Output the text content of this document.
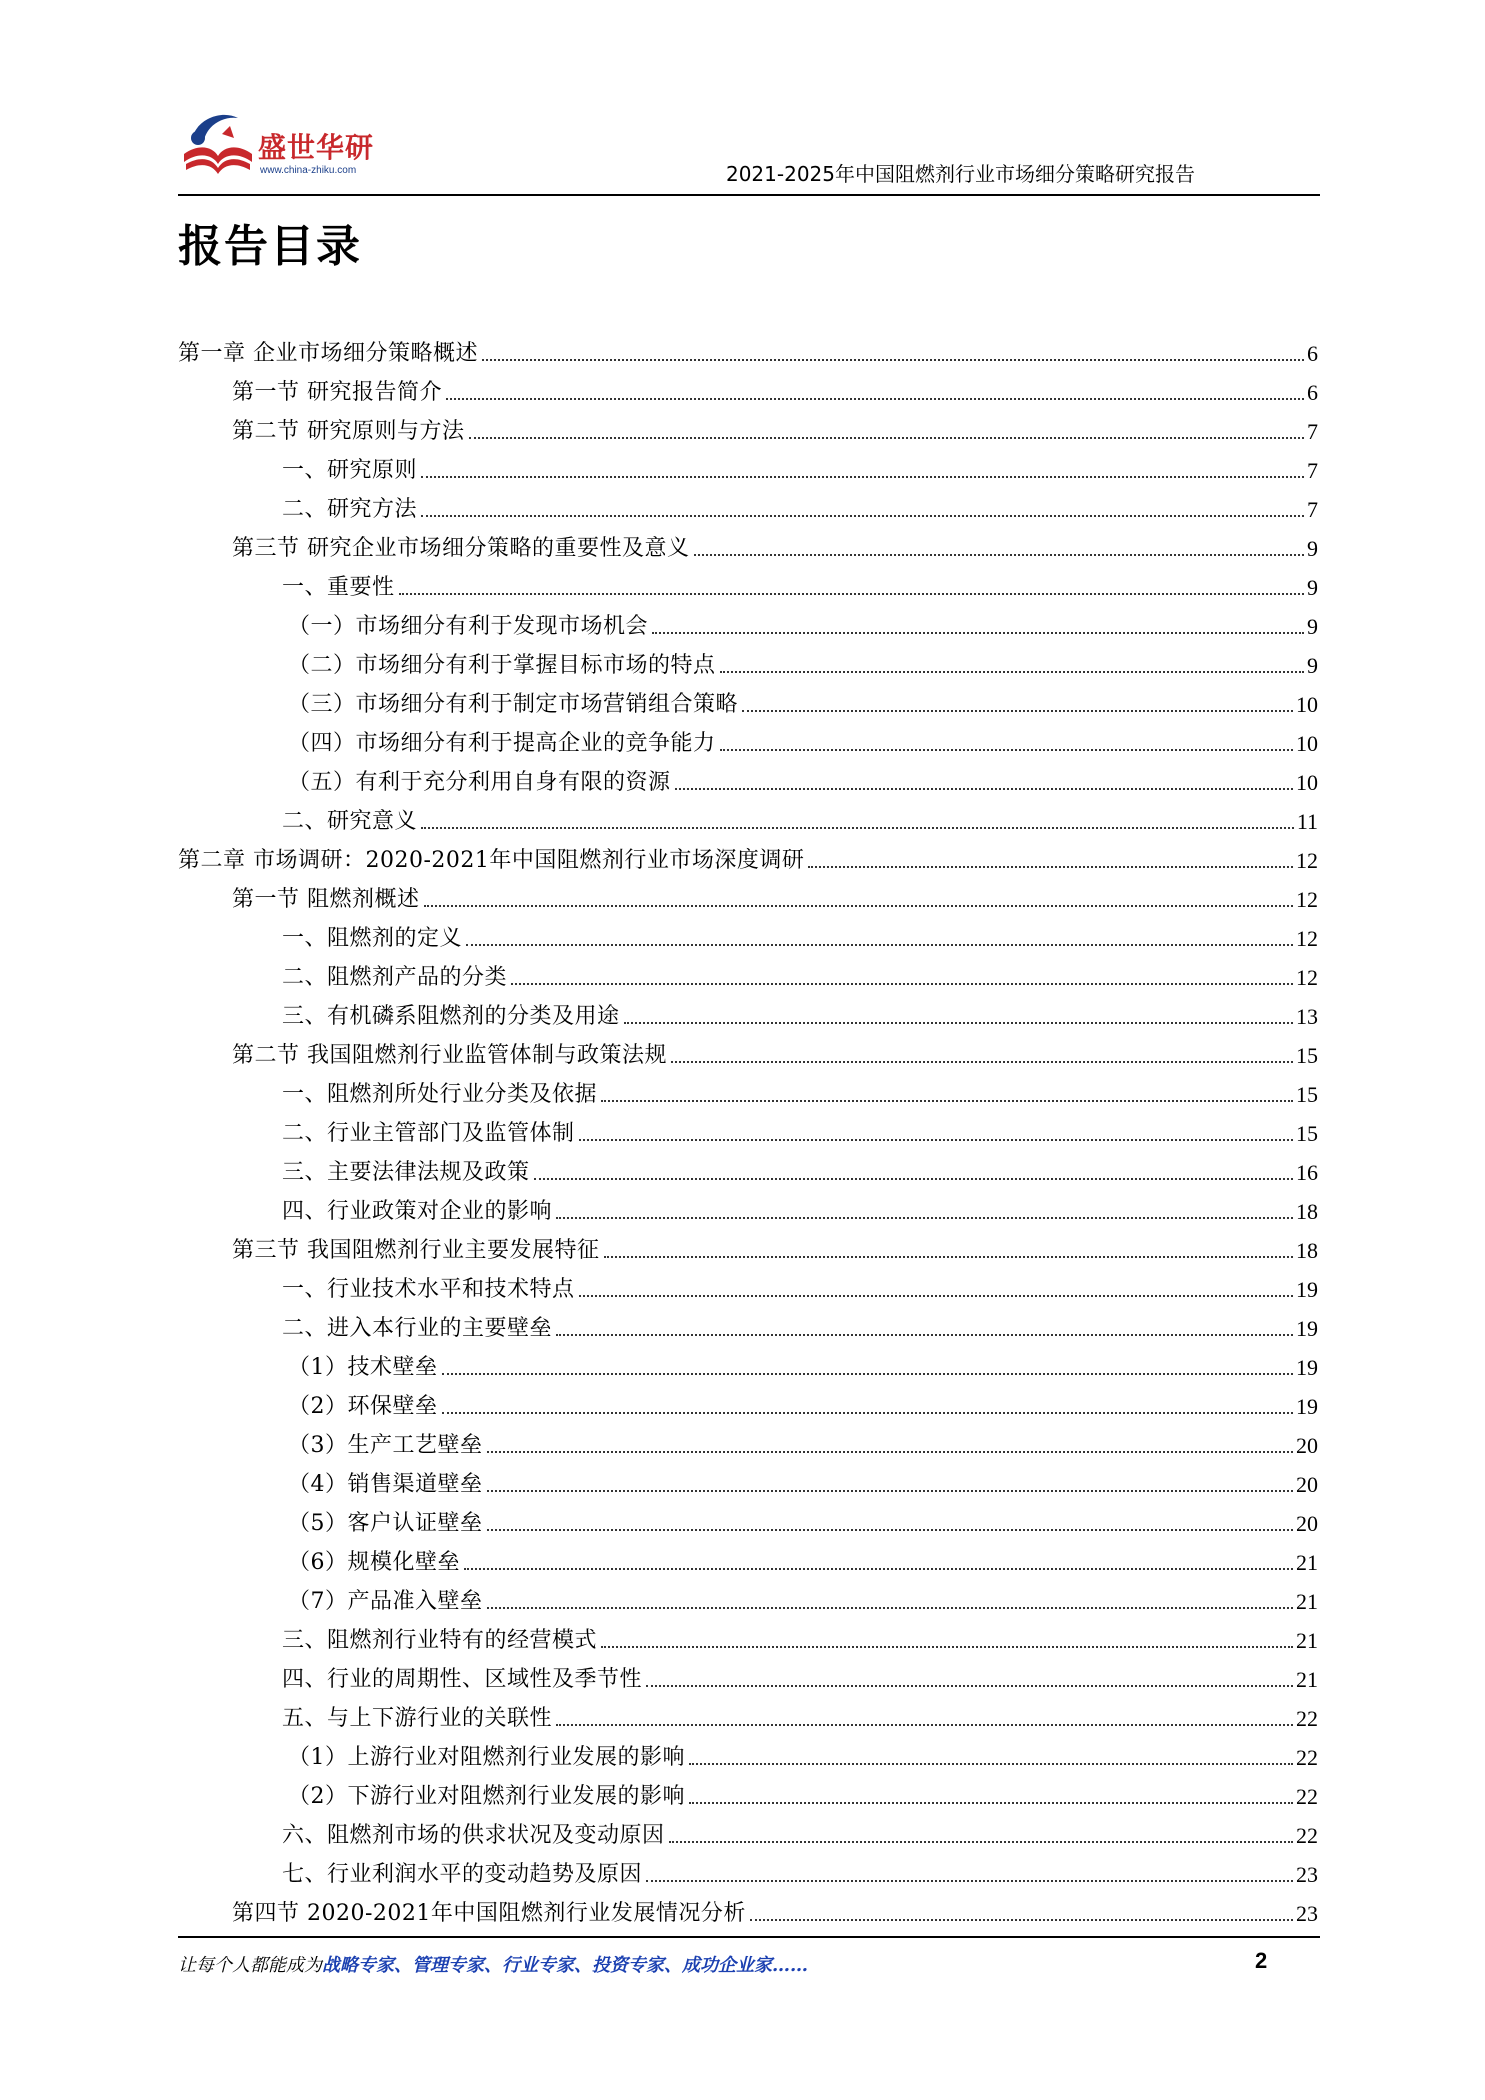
盛世华研
www.china-zhiku.com	2021-2025年中国阻燃剂行业市场细分策略研究报告
报告目录
第一章 企业市场细分策略概述	6
第一节 研究报告简介	6
第二节 研究原则与方法	7
一、研究原则	7
二、研究方法	7
第三节 研究企业市场细分策略的重要性及意义	9
一、重要性	9
（一）市场细分有利于发现市场机会	9
（二）市场细分有利于掌握目标市场的特点	9
（三）市场细分有利于制定市场营销组合策略	10
（四）市场细分有利于提高企业的竞争能力	10
（五）有利于充分利用自身有限的资源	10
二、研究意义	11
第二章 市场调研：2020-2021年中国阻燃剂行业市场深度调研	12
第一节 阻燃剂概述	12
一、阻燃剂的定义	12
二、阻燃剂产品的分类	12
三、有机磷系阻燃剂的分类及用途	13
第二节 我国阻燃剂行业监管体制与政策法规	15
一、阻燃剂所处行业分类及依据	15
二、行业主管部门及监管体制	15
三、主要法律法规及政策	16
四、行业政策对企业的影响	18
第三节 我国阻燃剂行业主要发展特征	18
一、行业技术水平和技术特点	19
二、进入本行业的主要壁垒	19
（1）技术壁垒	19
（2）环保壁垒	19
（3）生产工艺壁垒	20
（4）销售渠道壁垒	20
（5）客户认证壁垒	20
（6）规模化壁垒	21
（7）产品准入壁垒	21
三、阻燃剂行业特有的经营模式	21
四、行业的周期性、区域性及季节性	21
五、与上下游行业的关联性	22
（1）上游行业对阻燃剂行业发展的影响	22
（2）下游行业对阻燃剂行业发展的影响	22
六、阻燃剂市场的供求状况及变动原因	22
七、行业利润水平的变动趋势及原因	23
第四节 2020-2021年中国阻燃剂行业发展情况分析	23
让每个人都能成为战略专家、管理专家、行业专家、投资专家、成功企业家……	2
